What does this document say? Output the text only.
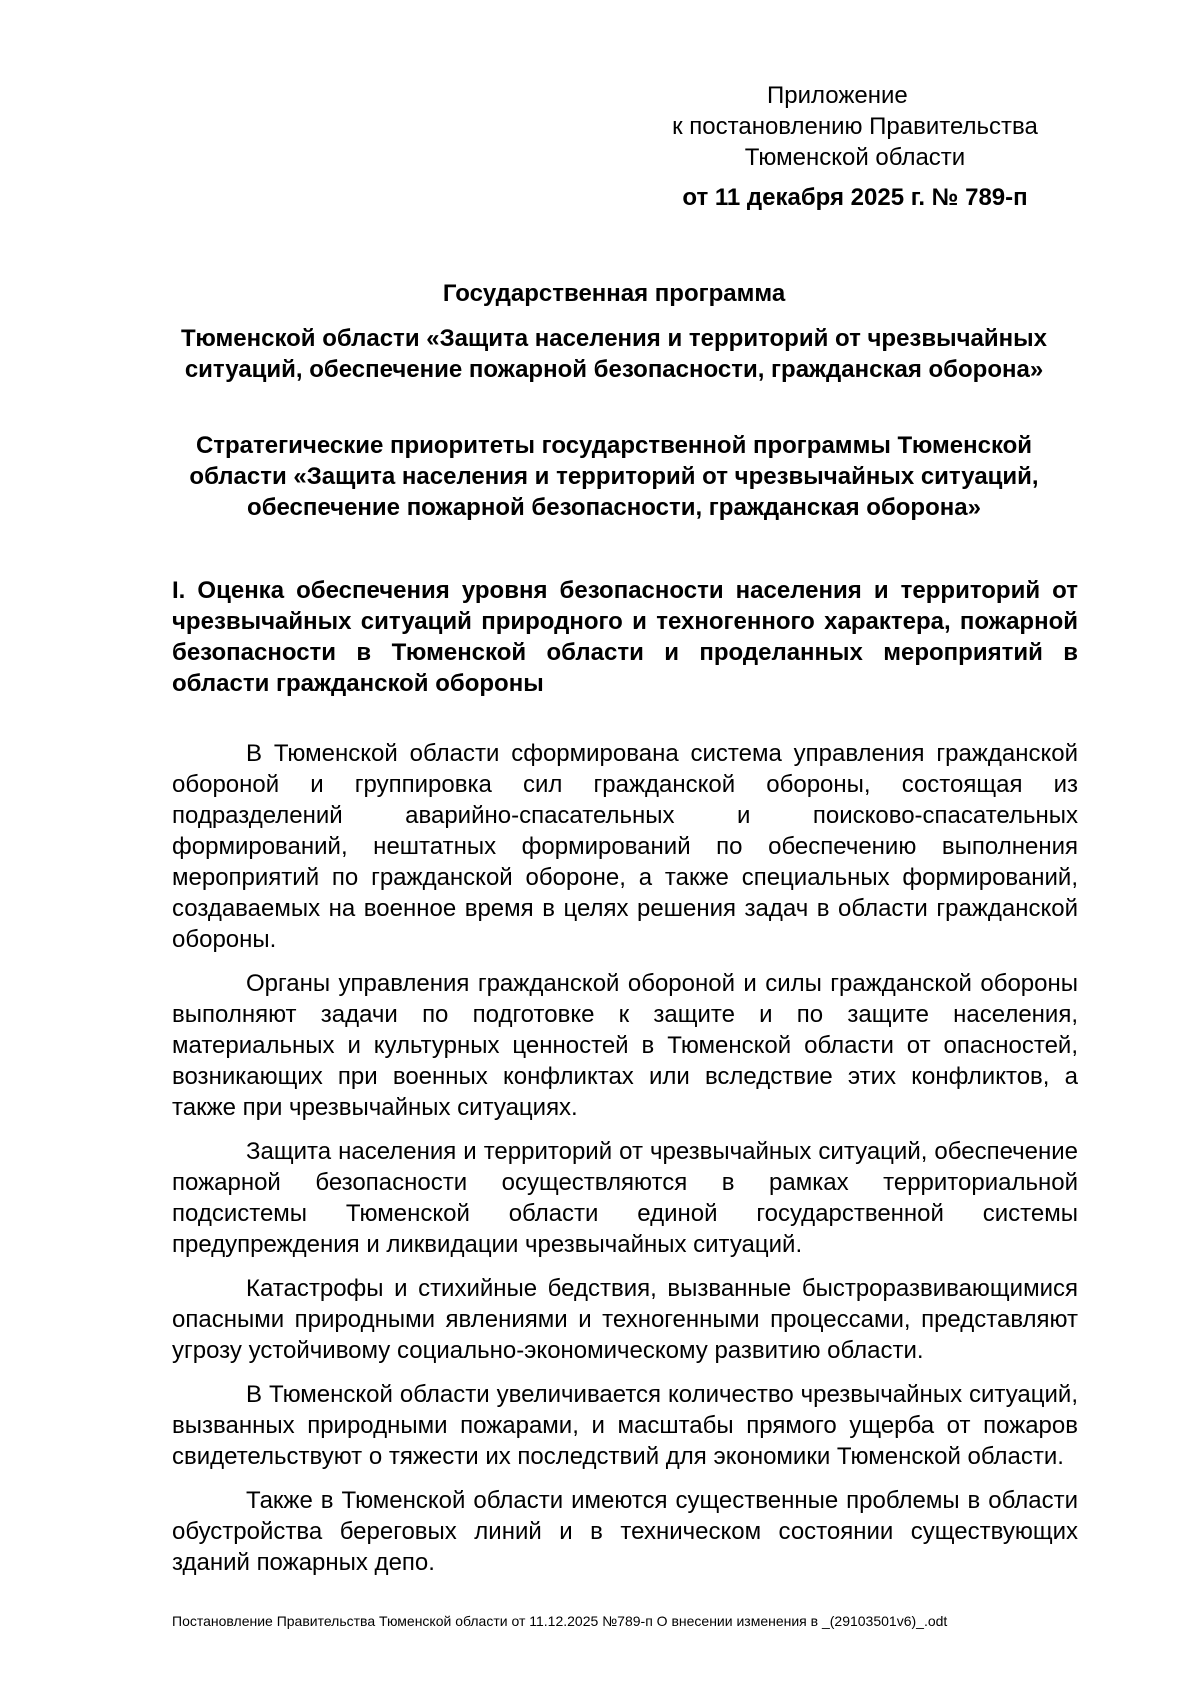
Приложение
к постановлению Правительства
Тюменской области
от 11 декабря 2025 г. № 789-п
Государственная программа
Тюменской области «Защита населения и территорий от чрезвычайных ситуаций, обеспечение пожарной безопасности, гражданская оборона»
Стратегические приоритеты государственной программы Тюменской области «Защита населения и территорий от чрезвычайных ситуаций, обеспечение пожарной безопасности, гражданская оборона»
I. Оценка обеспечения уровня безопасности населения и территорий от чрезвычайных ситуаций природного и техногенного характера, пожарной безопасности в Тюменской области и проделанных мероприятий в области гражданской обороны

В Тюменской области сформирована система управления гражданской обороной и группировка сил гражданской обороны, состоящая из подразделений аварийно-спасательных и поисково-спасательных формирований, нештатных формирований по обеспечению выполнения мероприятий по гражданской обороне, а также специальных формирований, создаваемых на военное время в целях решения задач в области гражданской обороны.

Органы управления гражданской обороной и силы гражданской обороны выполняют задачи по подготовке к защите и по защите населения, материальных и культурных ценностей в Тюменской области от опасностей, возникающих при военных конфликтах или вследствие этих конфликтов, а также при чрезвычайных ситуациях.

Защита населения и территорий от чрезвычайных ситуаций, обеспечение пожарной безопасности осуществляются в рамках территориальной подсистемы Тюменской области единой государственной системы предупреждения и ликвидации чрезвычайных ситуаций.

Катастрофы и стихийные бедствия, вызванные быстроразвивающимися опасными природными явлениями и техногенными процессами, представляют угрозу устойчивому социально-экономическому развитию области.

В Тюменской области увеличивается количество чрезвычайных ситуаций, вызванных природными пожарами, и масштабы прямого ущерба от пожаров свидетельствуют о тяжести их последствий для экономики Тюменской области.

Также в Тюменской области имеются существенные проблемы в области обустройства береговых линий и в техническом состоянии существующих зданий пожарных депо.

Постановление Правительства Тюменской области от 11.12.2025 №789-п О внесении изменения в _(29103501v6)_.odt
